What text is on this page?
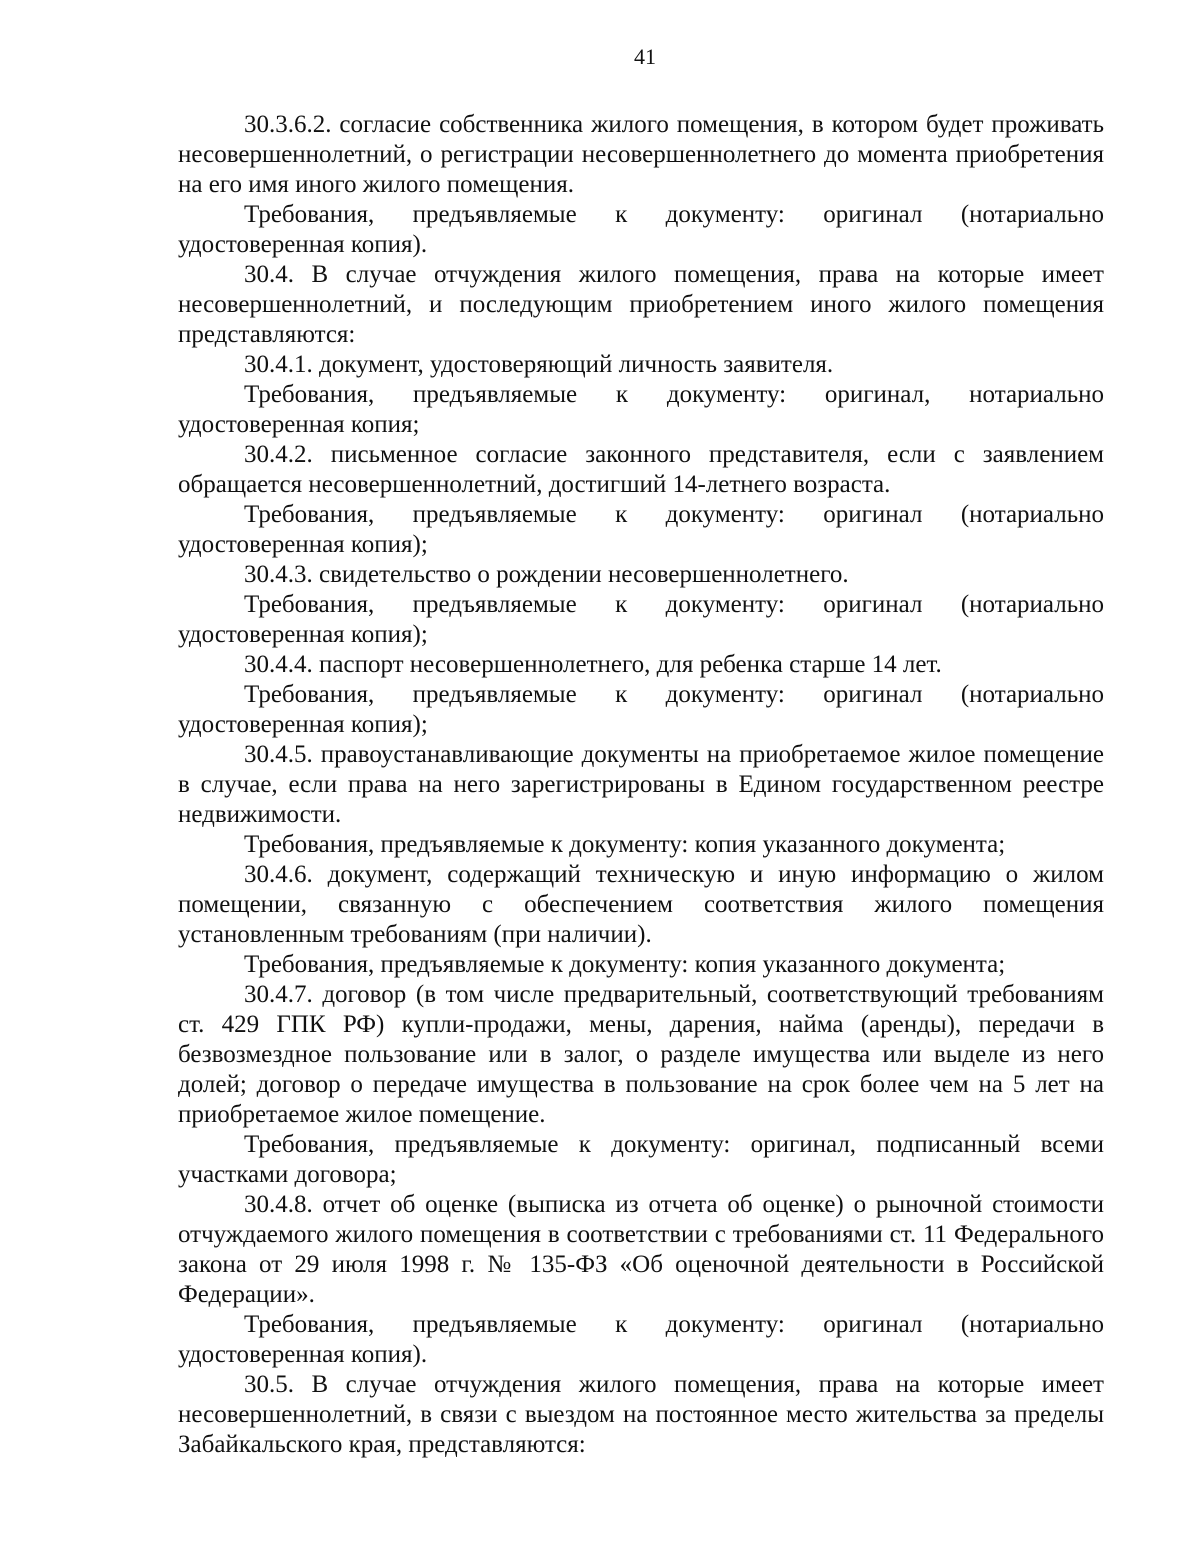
41

30.3.6.2. согласие собственника жилого помещения, в котором будет проживать несовершеннолетний, о регистрации несовершеннолетнего до момента приобретения на его имя иного жилого помещения.

Требования, предъявляемые к документу: оригинал (нотариально удостоверенная копия).

30.4. В случае отчуждения жилого помещения, права на которые имеет несовершеннолетний, и последующим приобретением иного жилого помещения представляются:

30.4.1. документ, удостоверяющий личность заявителя.

Требования, предъявляемые к документу: оригинал, нотариально удостоверенная копия;

30.4.2. письменное согласие законного представителя, если с заявлением обращается несовершеннолетний, достигший 14-летнего возраста.

Требования, предъявляемые к документу: оригинал (нотариально удостоверенная копия);

30.4.3. свидетельство о рождении несовершеннолетнего.

Требования, предъявляемые к документу: оригинал (нотариально удостоверенная копия);

30.4.4. паспорт несовершеннолетнего, для ребенка старше 14 лет.

Требования, предъявляемые к документу: оригинал (нотариально удостоверенная копия);

30.4.5. правоустанавливающие документы на приобретаемое жилое помещение в случае, если права на него зарегистрированы в Едином государственном реестре недвижимости.

Требования, предъявляемые к документу: копия указанного документа;

30.4.6. документ, содержащий техническую и иную информацию о жилом помещении, связанную с обеспечением соответствия жилого помещения установленным требованиям (при наличии).

Требования, предъявляемые к документу: копия указанного документа;

30.4.7. договор (в том числе предварительный, соответствующий требованиям ст. 429 ГПК РФ) купли-продажи, мены, дарения, найма (аренды), передачи в безвозмездное пользование или в залог, о разделе имущества или выделе из него долей; договор о передаче имущества в пользование на срок более чем на 5 лет на приобретаемое жилое помещение.

Требования, предъявляемые к документу: оригинал, подписанный всеми участками договора;

30.4.8. отчет об оценке (выписка из отчета об оценке) о рыночной стоимости отчуждаемого жилого помещения в соответствии с требованиями ст. 11 Федерального закона от 29 июля 1998 г. № 135-ФЗ «Об оценочной деятельности в Российской Федерации».

Требования, предъявляемые к документу: оригинал (нотариально удостоверенная копия).

30.5. В случае отчуждения жилого помещения, права на которые имеет несовершеннолетний, в связи с выездом на постоянное место жительства за пределы Забайкальского края, представляются:
